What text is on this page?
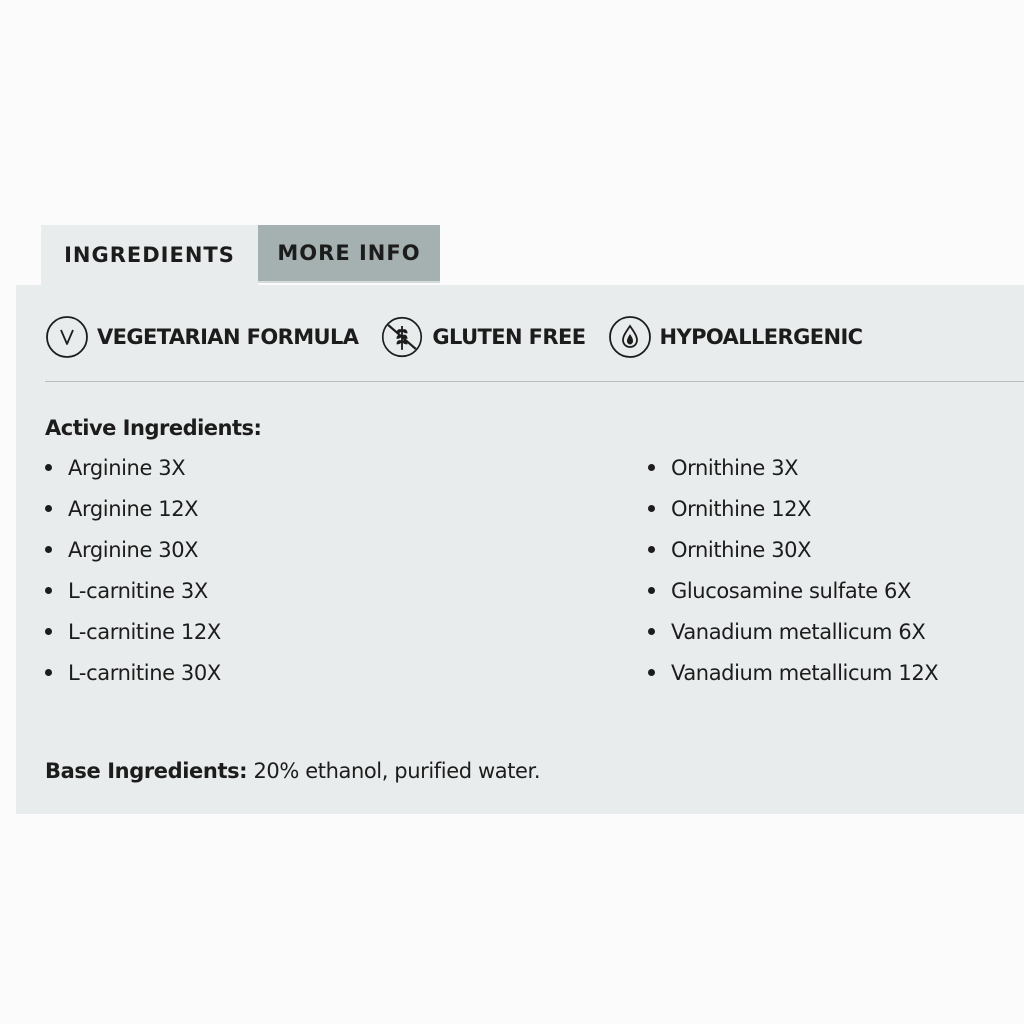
INGREDIENTS MORE INFO
VEGETARIAN FORMULA	GLUTEN FREE	HYPOALLERGENIC
Active Ingredients:
Arginine 3X
Arginine 12X
Arginine 30X
L-carnitine 3X
L-carnitine 12X
L-carnitine 30X
Ornithine 3X
Ornithine 12X
Ornithine 30X
Glucosamine sulfate 6X
Vanadium metallicum 6X
Vanadium metallicum 12X
Base Ingredients: 20% ethanol, purified water.
